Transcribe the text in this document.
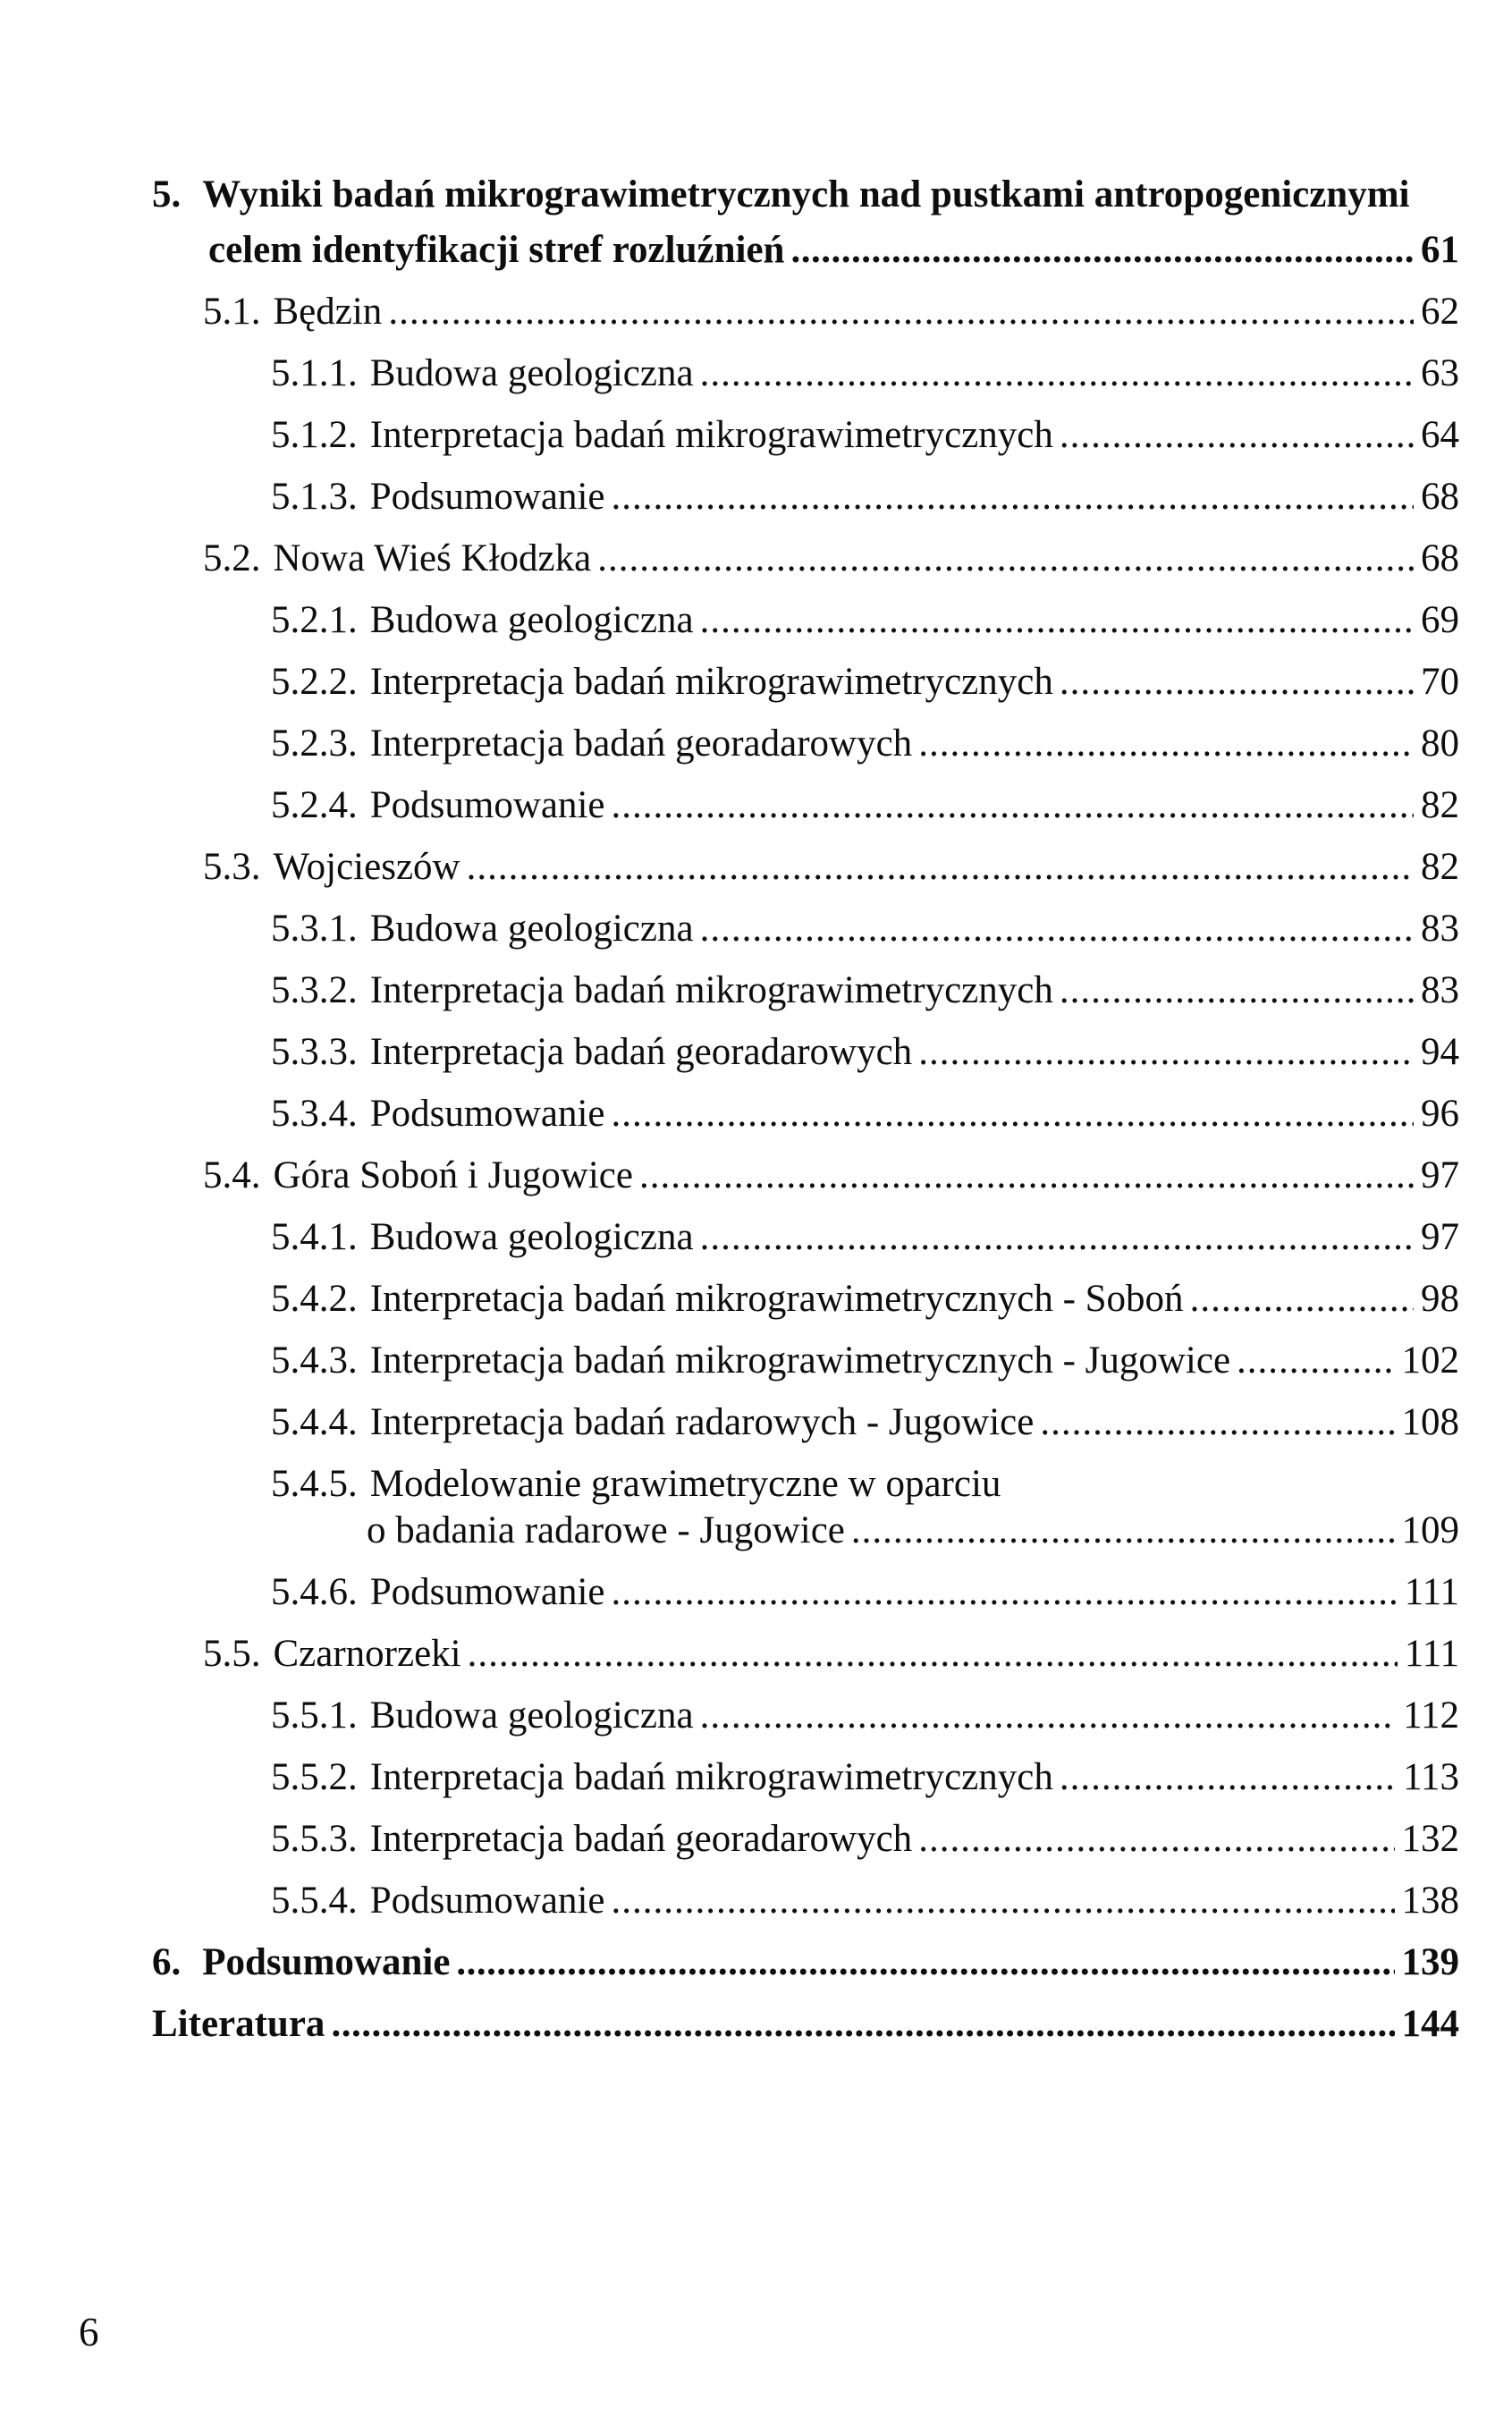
5. Wyniki badań mikrograwimetrycznych nad pustkami antropogenicznymi
celem identyfikacji stref rozluźnień .....	61
5.1. Będzin .....	62
5.1.1. Budowa geologiczna .....	63
5.1.2. Interpretacja badań mikrograwimetrycznych .....	64
5.1.3. Podsumowanie .....	68
5.2. Nowa Wieś Kłodzka .....	68
5.2.1. Budowa geologiczna .....	69
5.2.2. Interpretacja badań mikrograwimetrycznych .....	70
5.2.3. Interpretacja badań georadarowych .....	80
5.2.4. Podsumowanie .....	82
5.3. Wojcieszów .....	82
5.3.1. Budowa geologiczna .....	83
5.3.2. Interpretacja badań mikrograwimetrycznych .....	83
5.3.3. Interpretacja badań georadarowych .....	94
5.3.4. Podsumowanie .....	96
5.4. Góra Soboń i Jugowice .....	97
5.4.1. Budowa geologiczna .....	97
5.4.2. Interpretacja badań mikrograwimetrycznych - Soboń .....	98
5.4.3. Interpretacja badań mikrograwimetrycznych - Jugowice .....	102
5.4.4. Interpretacja badań radarowych - Jugowice .....	108
5.4.5. Modelowanie grawimetryczne w oparciu
o badania radarowe - Jugowice .....	109
5.4.6. Podsumowanie .....	111
5.5. Czarnorzeki .....	111
5.5.1. Budowa geologiczna .....	112
5.5.2. Interpretacja badań mikrograwimetrycznych .....	113
5.5.3. Interpretacja badań georadarowych .....	132
5.5.4. Podsumowanie .....	138
6. Podsumowanie .....	139
Literatura .....	144
6
